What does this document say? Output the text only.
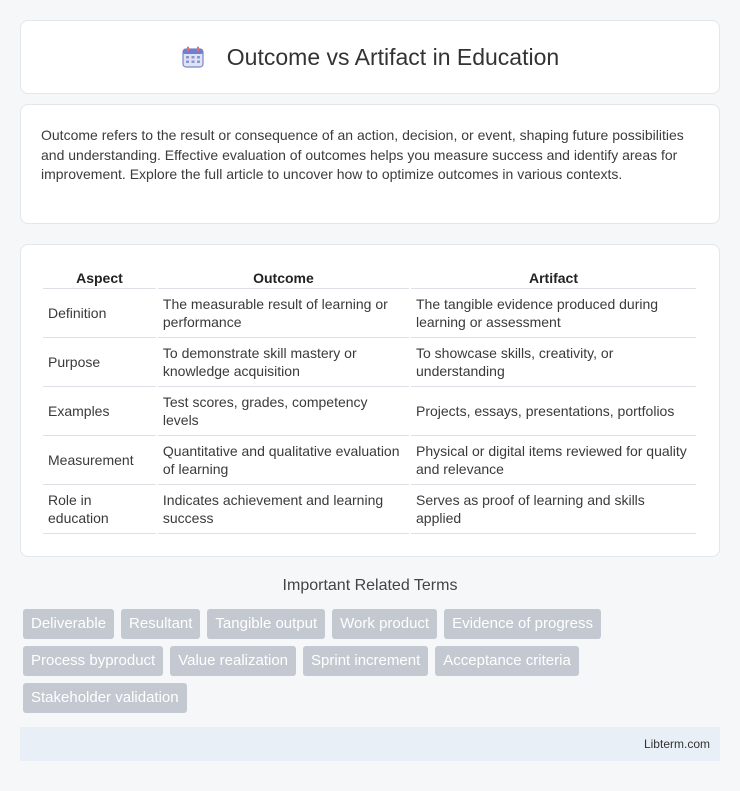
Outcome vs Artifact in Education

Outcome refers to the result or consequence of an action, decision, or event, shaping future possibilities and understanding. Effective evaluation of outcomes helps you measure success and identify areas for improvement. Explore the full article to uncover how to optimize outcomes in various contexts.

Aspect	Outcome	Artifact
Definition	The measurable result of learning or performance	The tangible evidence produced during learning or assessment
Purpose	To demonstrate skill mastery or knowledge acquisition	To showcase skills, creativity, or understanding
Examples	Test scores, grades, competency levels	Projects, essays, presentations, portfolios
Measurement	Quantitative and qualitative evaluation of learning	Physical or digital items reviewed for quality and relevance
Role in education	Indicates achievement and learning success	Serves as proof of learning and skills applied
Important Related Terms
Deliverable	Resultant	Tangible output	Work product	Evidence of progress
Process byproduct	Value realization	Sprint increment	Acceptance criteria
Stakeholder validation
Libterm.com
